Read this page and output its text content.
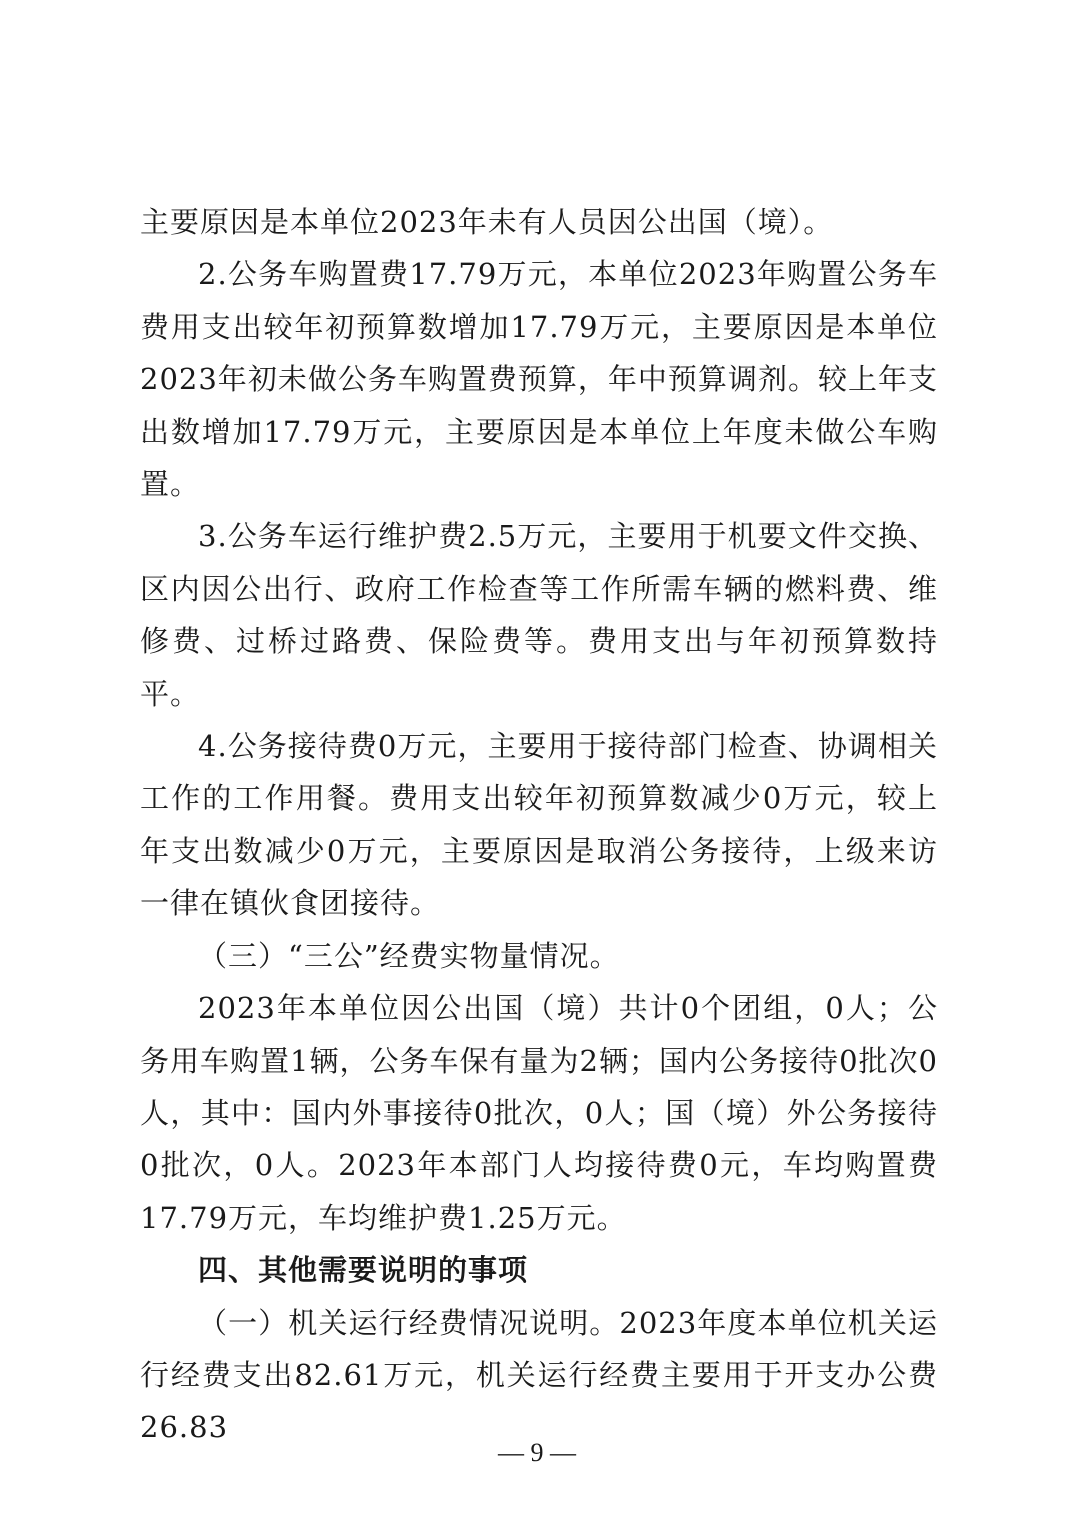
主要原因是本单位2023年未有人员因公出国（境）。

2.公务车购置费17.79万元，本单位2023年购置公务车费用支出较年初预算数增加17.79万元，主要原因是本单位2023年初未做公务车购置费预算，年中预算调剂。较上年支出数增加17.79万元，主要原因是本单位上年度未做公车购置。

3.公务车运行维护费2.5万元，主要用于机要文件交换、区内因公出行、政府工作检查等工作所需车辆的燃料费、维修费、过桥过路费、保险费等。费用支出与年初预算数持平。

4.公务接待费0万元，主要用于接待部门检查、协调相关工作的工作用餐。费用支出较年初预算数减少0万元，较上年支出数减少0万元，主要原因是取消公务接待，上级来访一律在镇伙食团接待。

（三）“三公”经费实物量情况。

2023年本单位因公出国（境）共计0个团组，0人；公务用车购置1辆，公务车保有量为2辆；国内公务接待0批次0人，其中：国内外事接待0批次，0人；国（境）外公务接待0批次，0人。2023年本部门人均接待费0元，车均购置费17.79万元，车均维护费1.25万元。

四、其他需要说明的事项

（一）机关运行经费情况说明。2023年度本单位机关运行经费支出82.61万元，机关运行经费主要用于开支办公费26.83

— 9 —
